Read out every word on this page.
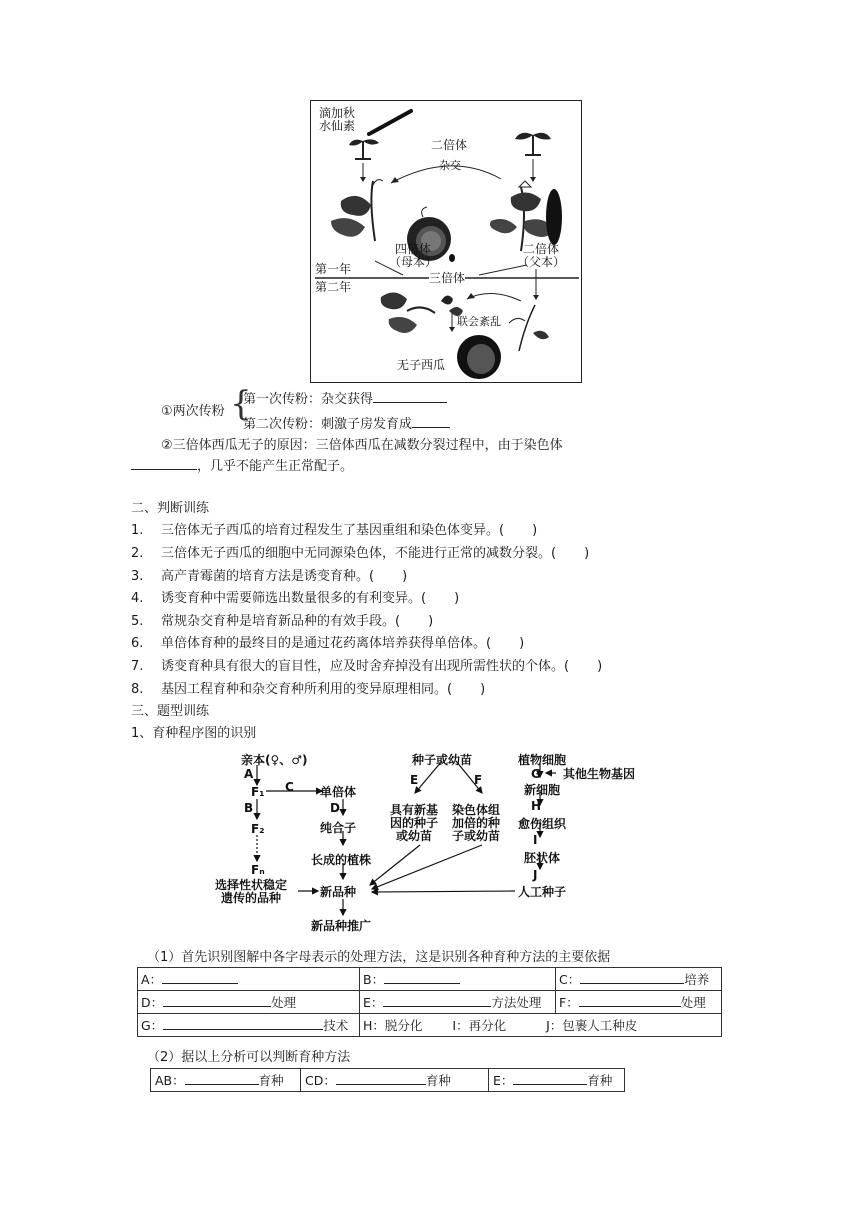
滴加秋
水仙素
二倍体
杂交
四倍体
（母本）
二倍体
（父本）
第一年
第二年
三倍体
联会紊乱
无子西瓜
①两次传粉 {
第一次传粉：杂交获得
第二次传粉：刺激子房发育成
②三倍体西瓜无子的原因：三倍体西瓜在减数分裂过程中，由于染色体
，几乎不能产生正常配子。
二、判断训练
1. 三倍体无子西瓜的培育过程发生了基因重组和染色体变异。( )
2. 三倍体无子西瓜的细胞中无同源染色体，不能进行正常的减数分裂。( )
3. 高产青霉菌的培育方法是诱变育种。( )
4. 诱变育种中需要筛选出数量很多的有利变异。( )
5. 常规杂交育种是培育新品种的有效手段。( )
6. 单倍体育种的最终目的是通过花药离体培养获得单倍体。( )
7. 诱变育种具有很大的盲目性，应及时舍弃掉没有出现所需性状的个体。( )
8. 基因工程育种和杂交育种所利用的变异原理相同。( )
三、题型训练
1、育种程序图的识别
亲本(♀、♂)
A
F₁ C 单倍体
B	D
F₂	纯合子
长成的植株
Fₙ
选择性状稳定
遗传的品种	新品种
新品种推广
种子或幼苗
E	F
具有新基
因的种子
或幼苗
染色体组
加倍的种
子或幼苗
植物细胞
G 其他生物基因
新细胞
H
愈伤组织
I
胚状体
J
人工种子
（1）首先识别图解中各字母表示的处理方法，这是识别各种育种方法的主要依据
A：	B：	C： 培养
D： 处理	E： 方法处理	F： 处理
G： 技术	H：脱分化 I：再分化 J：包裹人工种皮	
（2）据以上分析可以判断育种方法
AB：	育种	CD：	育种	E：	育种
